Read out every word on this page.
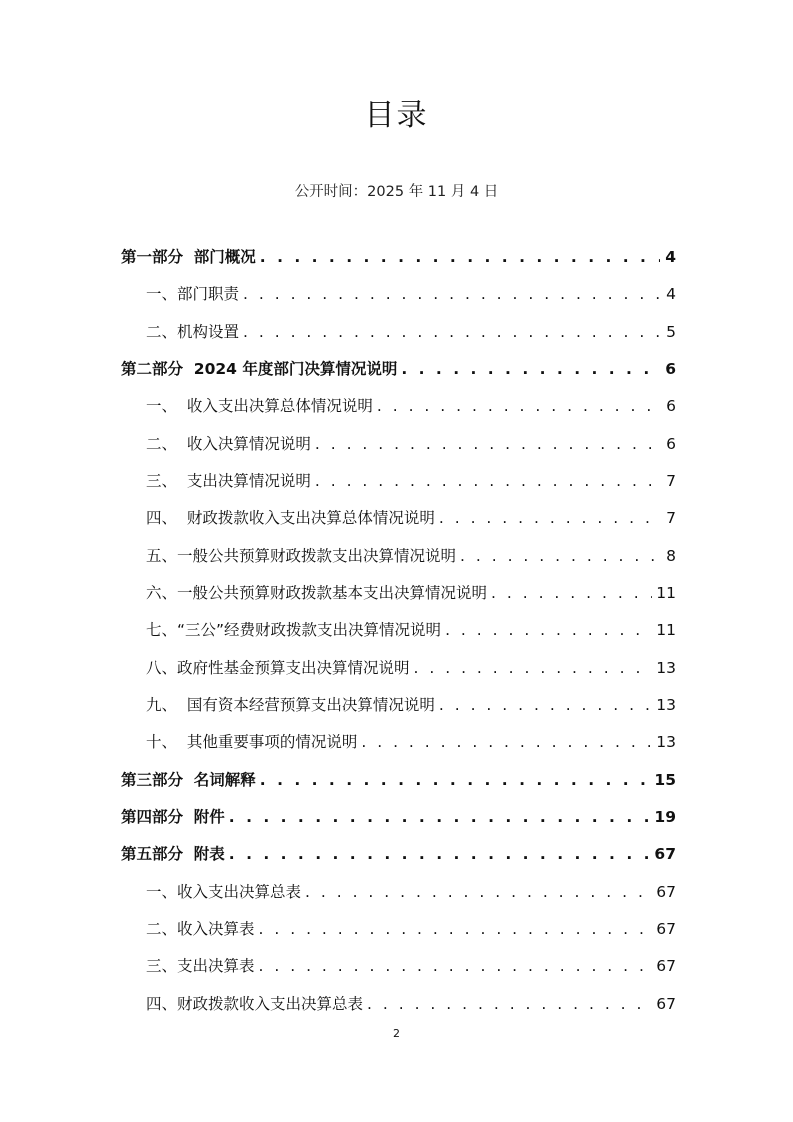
目录
公开时间：2025 年 11 月 4 日
第一部分  部门概况 . . .	4
一、部门职责 . . .	4
二、机构设置 . . .	5
第二部分  2024 年度部门决算情况说明 . . .	6
一、  收入支出决算总体情况说明 . . .	6
二、  收入决算情况说明 . . .	6
三、  支出决算情况说明 . . .	7
四、  财政拨款收入支出决算总体情况说明 . . .	7
五、一般公共预算财政拨款支出决算情况说明 . . .	8
六、一般公共预算财政拨款基本支出决算情况说明 . . .	11
七、“三公”经费财政拨款支出决算情况说明 . . .	11
八、政府性基金预算支出决算情况说明 . . .	13
九、  国有资本经营预算支出决算情况说明 . . .	13
十、  其他重要事项的情况说明 . . .	13
第三部分  名词解释 . . .	15
第四部分  附件 . . .	19
第五部分  附表 . . .	67
一、收入支出决算总表 . . .	67
二、收入决算表 . . .	67
三、支出决算表 . . .	67
四、财政拨款收入支出决算总表 . . .	67
2
